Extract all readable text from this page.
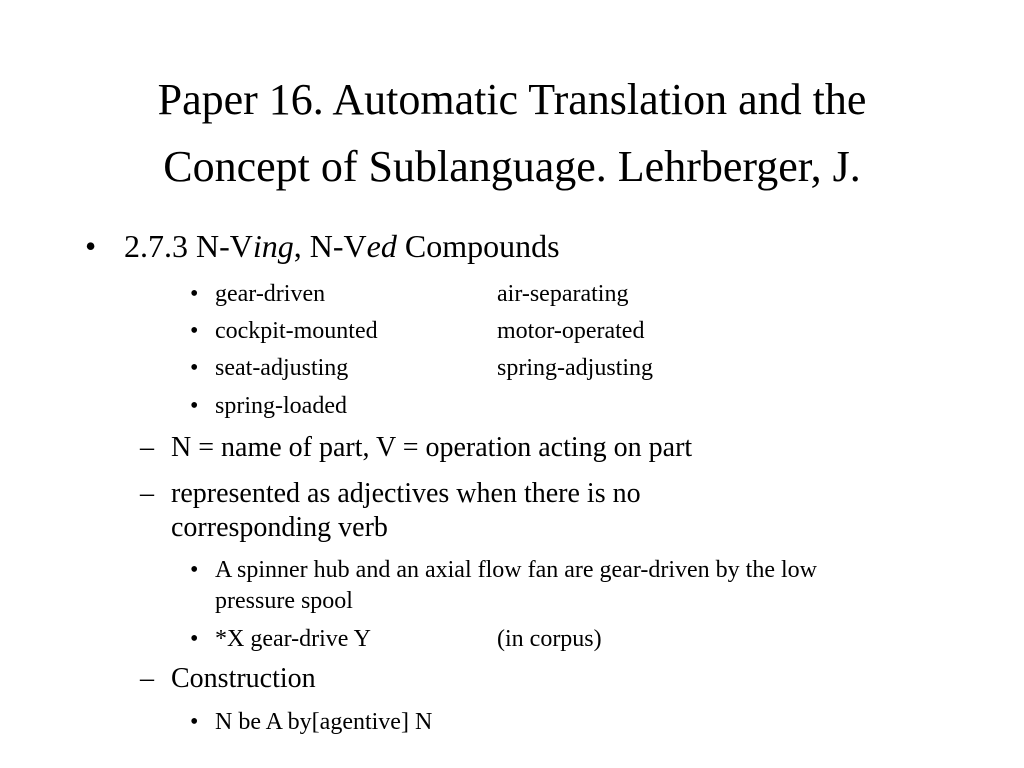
Paper 16. Automatic Translation and the
Concept of Sublanguage. Lehrberger, J.
• 2.7.3 N-Ving, N-Ved Compounds
• gear-driven	air-separating
• cockpit-mounted	motor-operated
• seat-adjusting	spring-adjusting
• spring-loaded
– N = name of part, V = operation acting on part
– represented as adjectives when there is no
corresponding verb
• A spinner hub and an axial flow fan are gear-driven by the low
pressure spool
• *X gear-drive Y	(in corpus)
– Construction
• N be A by[agentive] N
